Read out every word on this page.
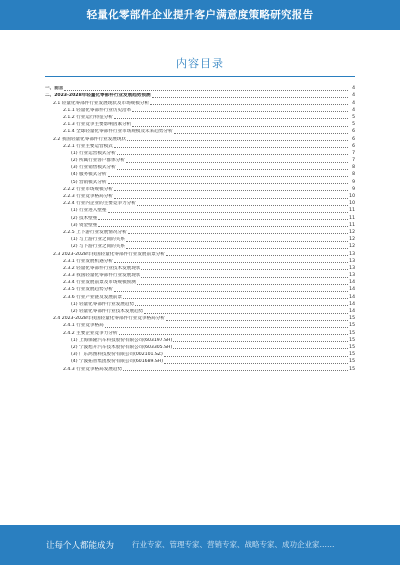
轻量化零部件企业提升客户满意度策略研究报告
内容目录
一、前言	4
二、2023-2028年轻量化零部件行业发展趋势预测	4
2.1 轻量化零部件行业发展现状及市场规模分析	4
2.1.1 轻量化零部件行业历史沿革	4
2.1.2 行业运行特征分析	5
2.1.3 行业竞争主要影响因素分析	5
2.1.4 全球轻量化零部件行业市场规模及未来趋势分析	6
2.2 我国轻量化零部件行业发展现状	6
2.2.1 行业主要运营模式	6
(1) 行业运营模式分析	7
(2) 所属行业客户群体分析	7
(3) 行业销售模式分析	8
(4) 服务模式分析	8
(5) 营销模式分析	9
2.2.2 行业市场规模分析	9
2.2.3 行业竞争格局分析	10
2.2.4 行业内企业的主要竞争力分析	10
(1) 行业进入壁垒	11
(2) 技术壁垒	11
(3) 资金壁垒	11
2.2.5 上下游行业发展情况分析	12
(1) 与上游行业之间的关系	12
(2) 与下游行业之间的关系	12
2.3 2023-2028年我国轻量化零部件行业发展前景分析	13
2.3.1 行业发展机遇分析	13
2.3.2 轻量化零部件行业技术发展现状	13
2.3.3 我国轻量化零部件行业发展现状	13
2.3.4 行业发展前景及市场规模预测	14
2.3.5 行业发展趋势分析	14
2.3.6 行业产业链及发展前景	14
(1) 轻量化零部件行业发展趋势	14
(2) 轻量化零部件行业技术发展趋势	14
2.4 2023-2028年我国轻量化零部件行业竞争格局分析	15
2.4.1 行业竞争格局	15
2.4.2 主要企业竞争力分析	15
(1) 上海保隆汽车科技股份有限公司(603197.SH)	15
(2) 宁波旭升汽车技术股份有限公司(603305.SH)	15
(3) 广东鸿图科技股份有限公司(002101.SZ)	15
(4) 宁波拓普集团股份有限公司(601689.SH)	15
2.4.3 行业竞争格局发展趋势	15
让每个人都能成为 行业专家、管理专家、营销专家、战略专家、成功企业家……
